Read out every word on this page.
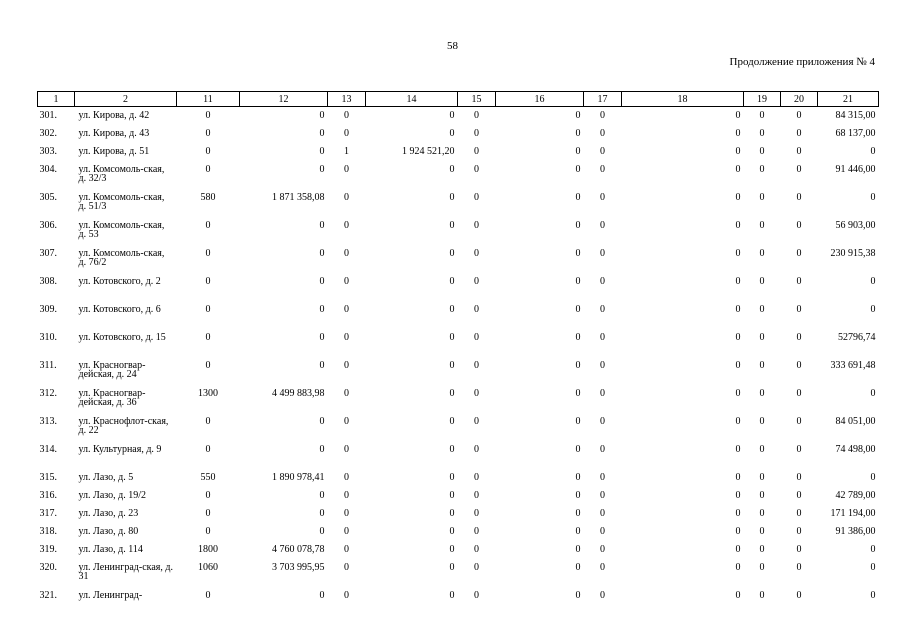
58
Продолжение приложения № 4
1	2	11	12	13	14	15	16	17	18	19	20	21
301.	ул. Кирова, д. 42	0	0	0	0	0	0	0	0	0	0	84 315,00
302.	ул. Кирова, д. 43	0	0	0	0	0	0	0	0	0	0	68 137,00
303.	ул. Кирова, д. 51	0	0	1	1 924 521,20	0	0	0	0	0	0	0
304.	ул. Комсомоль-ская, д. 32/3	0	0	0	0	0	0	0	0	0	0	91 446,00
305.	ул. Комсомоль-ская, д. 51/3	580	1 871 358,08	0	0	0	0	0	0	0	0	0
306.	ул. Комсомоль-ская, д. 53	0	0	0	0	0	0	0	0	0	0	56 903,00
307.	ул. Комсомоль-ская, д. 76/2	0	0	0	0	0	0	0	0	0	0	230 915,38
308.	ул. Котовского, д. 2	0	0	0	0	0	0	0	0	0	0	0
309.	ул. Котовского, д. 6	0	0	0	0	0	0	0	0	0	0	0
310.	ул. Котовского, д. 15	0	0	0	0	0	0	0	0	0	0	52796,74
311.	ул. Красногвар-дейская, д. 24	0	0	0	0	0	0	0	0	0	0	333 691,48
312.	ул. Красногвар-дейская, д. 36	1300	4 499 883,98	0	0	0	0	0	0	0	0	0
313.	ул. Краснофлот-ская, д. 22	0	0	0	0	0	0	0	0	0	0	84 051,00
314.	ул. Культурная, д. 9	0	0	0	0	0	0	0	0	0	0	74 498,00
315.	ул. Лазо, д. 5	550	1 890 978,41	0	0	0	0	0	0	0	0	0
316.	ул. Лазо, д. 19/2	0	0	0	0	0	0	0	0	0	0	42 789,00
317.	ул. Лазо, д. 23	0	0	0	0	0	0	0	0	0	0	171 194,00
318.	ул. Лазо, д. 80	0	0	0	0	0	0	0	0	0	0	91 386,00
319.	ул. Лазо, д. 114	1800	4 760 078,78	0	0	0	0	0	0	0	0	0
320.	ул. Ленинград-ская, д. 31	1060	3 703 995,95	0	0	0	0	0	0	0	0	0
321.	ул. Ленинград-	0	0	0	0	0	0	0	0	0	0	0
